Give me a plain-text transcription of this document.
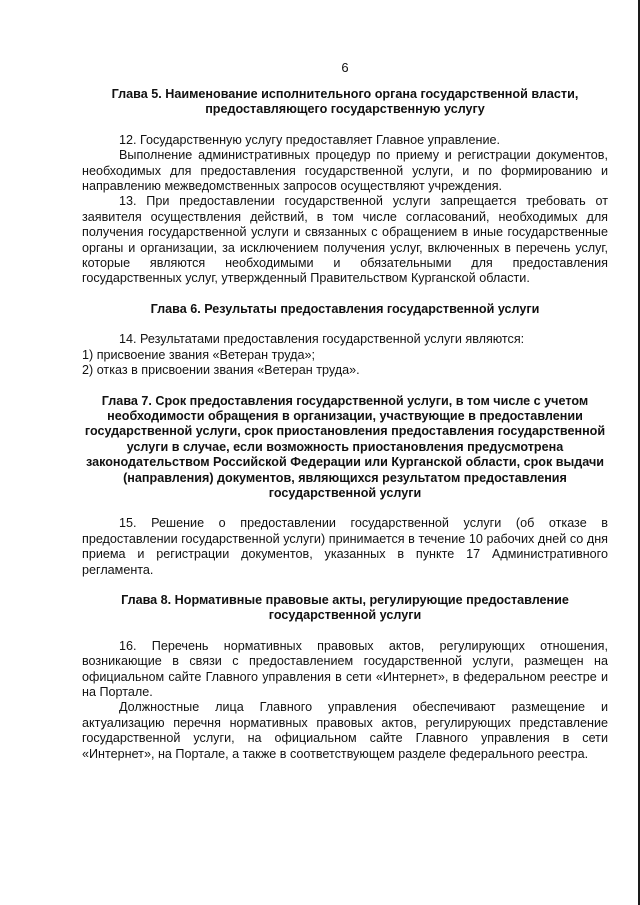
6
Глава 5. Наименование исполнительного органа государственной власти, предоставляющего государственную услугу

12. Государственную услугу предоставляет Главное управление.

Выполнение административных процедур по приему и регистрации документов, необходимых для предоставления государственной услуги, и по формированию и направлению межведомственных запросов осуществляют учреждения.

13. При предоставлении государственной услуги запрещается требовать от заявителя осуществления действий, в том числе согласований, необходимых для получения государственной услуги и связанных с обращением в иные государственные органы и организации, за исключением получения услуг, включенных в перечень услуг, которые являются необходимыми и обязательными для предоставления государственных услуг, утвержденный Правительством Курганской области.

Глава 6. Результаты предоставления государственной услуги

14. Результатами предоставления государственной услуги являются:

1) присвоение звания «Ветеран труда»;

2) отказ в присвоении звания «Ветеран труда».

Глава 7. Срок предоставления государственной услуги, в том числе с учетом необходимости обращения в организации, участвующие в предоставлении государственной услуги, срок приостановления предоставления государственной услуги в случае, если возможность приостановления предусмотрена законодательством Российской Федерации или Курганской области, срок выдачи (направления) документов, являющихся результатом предоставления государственной услуги

15. Решение о предоставлении государственной услуги (об отказе в предоставлении государственной услуги) принимается в течение 10 рабочих дней со дня приема и регистрации документов, указанных в пункте 17 Административного регламента.

Глава 8. Нормативные правовые акты, регулирующие предоставление государственной услуги

16. Перечень нормативных правовых актов, регулирующих отношения, возникающие в связи с предоставлением государственной услуги, размещен на официальном сайте Главного управления в сети «Интернет», в федеральном реестре и на Портале.

Должностные лица Главного управления обеспечивают размещение и актуализацию перечня нормативных правовых актов, регулирующих представление государственной услуги, на официальном сайте Главного управления в сети «Интернет», на Портале, а также в соответствующем разделе федерального реестра.
